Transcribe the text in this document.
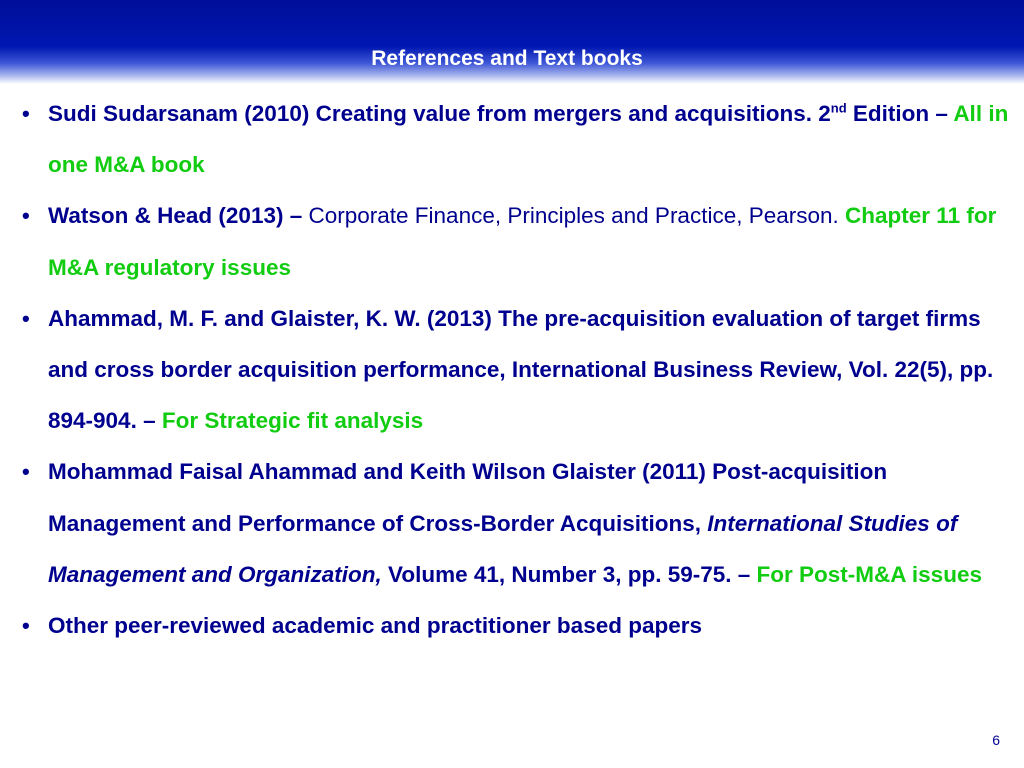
References and Text books
• Sudi Sudarsanam (2010) Creating value from mergers and acquisitions. 2nd Edition – All in one M&A book
• Watson & Head (2013) – Corporate Finance, Principles and Practice, Pearson. Chapter 11 for M&A regulatory issues
• Ahammad, M. F. and Glaister, K. W. (2013) The pre-acquisition evaluation of target firms and cross border acquisition performance, International Business Review, Vol. 22(5), pp. 894-904. – For Strategic fit analysis
• Mohammad Faisal Ahammad and Keith Wilson Glaister (2011) Post-acquisition Management and Performance of Cross-Border Acquisitions, International Studies of Management and Organization, Volume 41, Number 3, pp. 59-75. – For Post-M&A issues
• Other peer-reviewed academic and practitioner based papers
6
